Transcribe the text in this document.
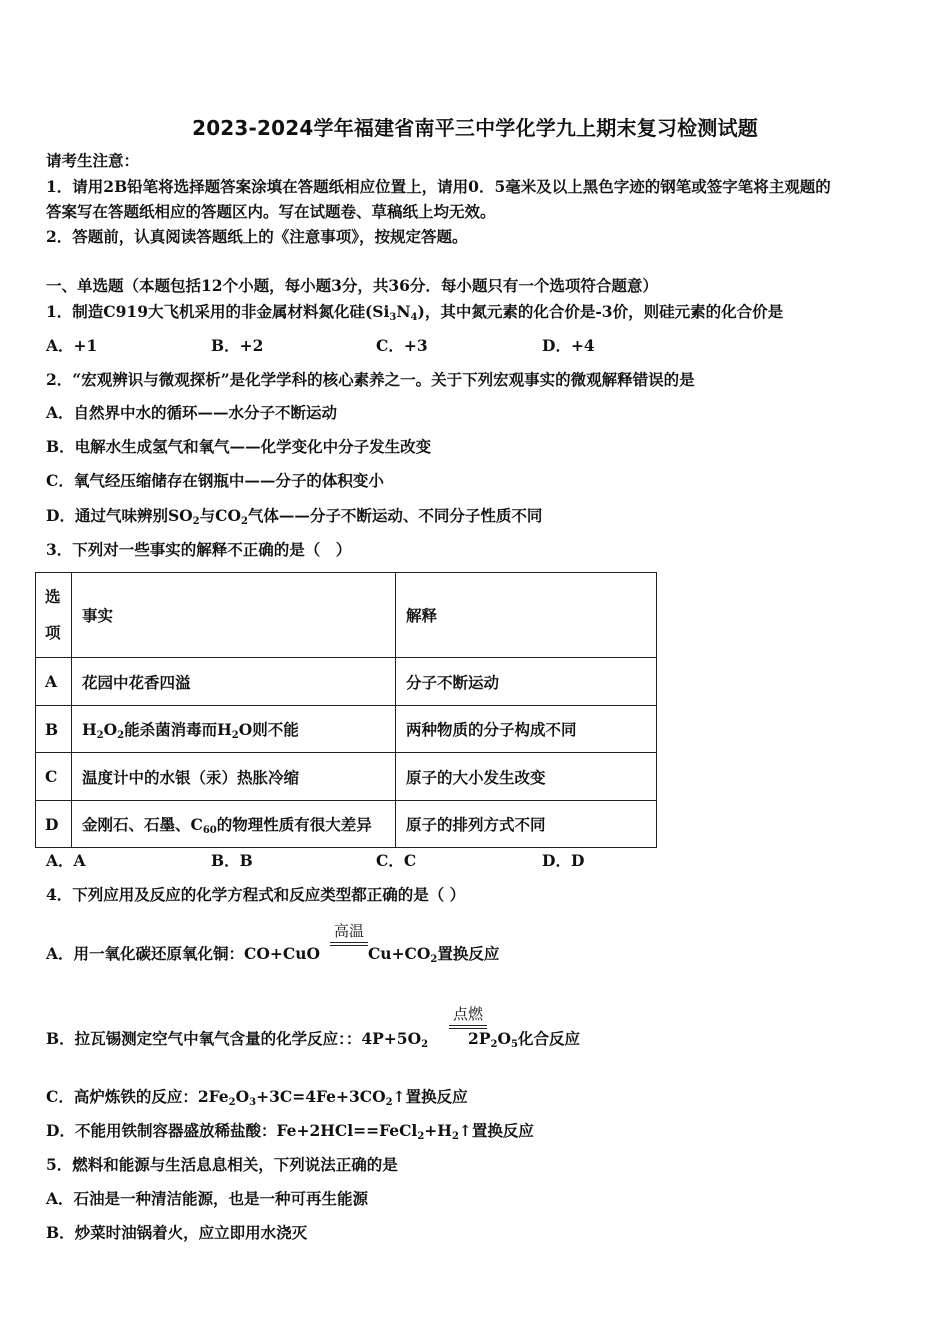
2023-2024学年福建省南平三中学化学九上期末复习检测试题
请考生注意：
1．请用2B铅笔将选择题答案涂填在答题纸相应位置上，请用0．5毫米及以上黑色字迹的钢笔或签字笔将主观题的
答案写在答题纸相应的答题区内。写在试题卷、草稿纸上均无效。
2．答题前，认真阅读答题纸上的《注意事项》，按规定答题。
一、单选题（本题包括12个小题，每小题3分，共36分．每小题只有一个选项符合题意）
1．制造C919大飞机采用的非金属材料氮化硅$(Si_3N_4)$，其中氮元素的化合价是-3价，则硅元素的化合价是
A．+1	B．+2	C．+3	D．+4
2．“宏观辨识与微观探析”是化学学科的核心素养之一。关于下列宏观事实的微观解释错误的是
A．自然界中水的循环——水分子不断运动
B．电解水生成氢气和氧气——化学变化中分子发生改变
C．氧气经压缩储存在钢瓶中——分子的体积变小
D．通过气味辨别$SO_2$与$CO_2$气体——分子不断运动、不同分子性质不同
3．下列对一些事实的解释不正确的是（　）
选
项	事实	解释
A	花园中花香四溢	分子不断运动
B	$H_2O_2$能杀菌消毒而$H_2O$则不能	两种物质的分子构成不同
C	温度计中的水银（汞）热胀冷缩	原子的大小发生改变
D	金刚石、石墨、$C_{60}$的物理性质有很大差异	原子的排列方式不同
A．A	B．B	C．C	D．D
4．下列应用及反应的化学方程式和反应类型都正确的是（ ）
A．用一氧化碳还原氧化铜：CO+CuO	$Cu+CO_2$置换反应
高温
B．拉瓦锡测定空气中氧气含量的化学反应：：$4P+5O_2$	$2P_2O_5$化合反应
点燃
C．高炉炼铁的反应：$2Fe_2O_3+3C=4Fe+3CO_2↑$置换反应
D．不能用铁制容器盛放稀盐酸：$Fe+2HCl==FeCl_2+H_2↑$置换反应
5．燃料和能源与生活息息相关，下列说法正确的是
A．石油是一种清洁能源，也是一种可再生能源
B．炒菜时油锅着火，应立即用水浇灭
